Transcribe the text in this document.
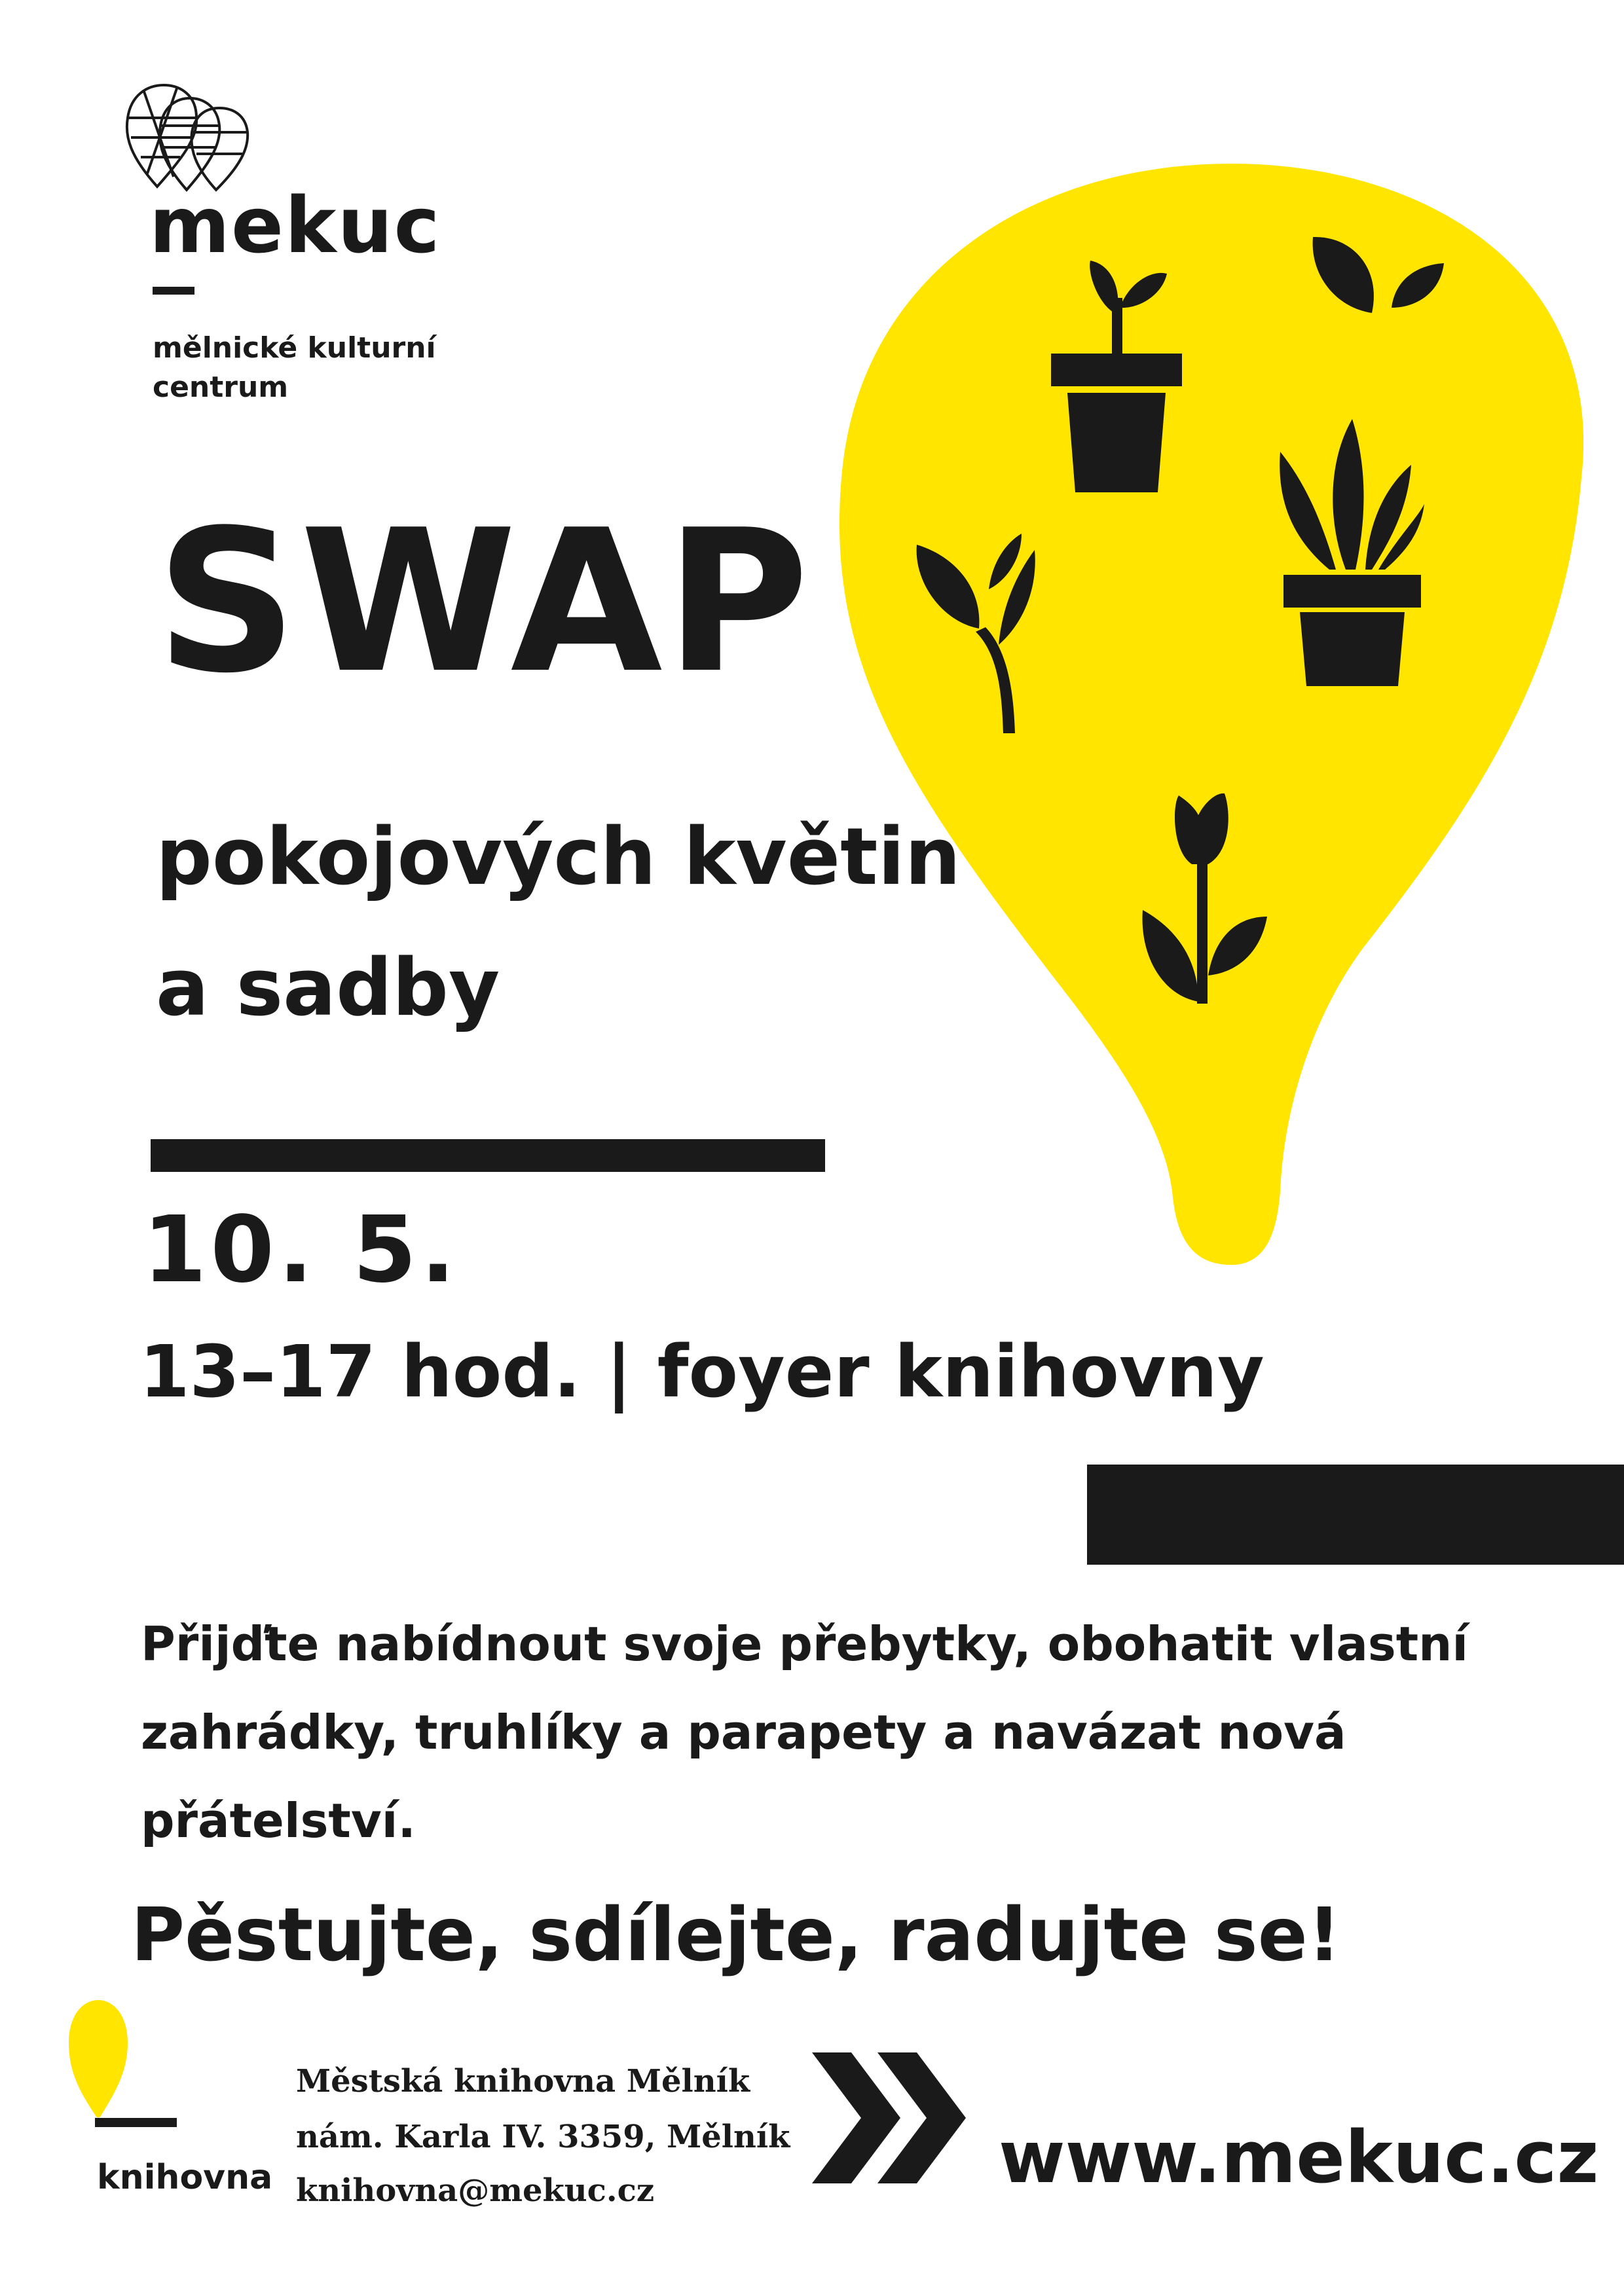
mekuc
mělnické kulturní
centrum
SWAP
pokojových květin
a sadby
10. 5.
13–17 hod. | foyer knihovny
Přijďte nabídnout svoje přebytky, obohatit vlastní
zahrádky, truhlíky a parapety a navázat nová
přátelství.
Pěstujte, sdílejte, radujte se!
knihovna
Městská knihovna Mělník
nám. Karla IV. 3359, Mělník
knihovna@mekuc.cz	www.mekuc.cz
